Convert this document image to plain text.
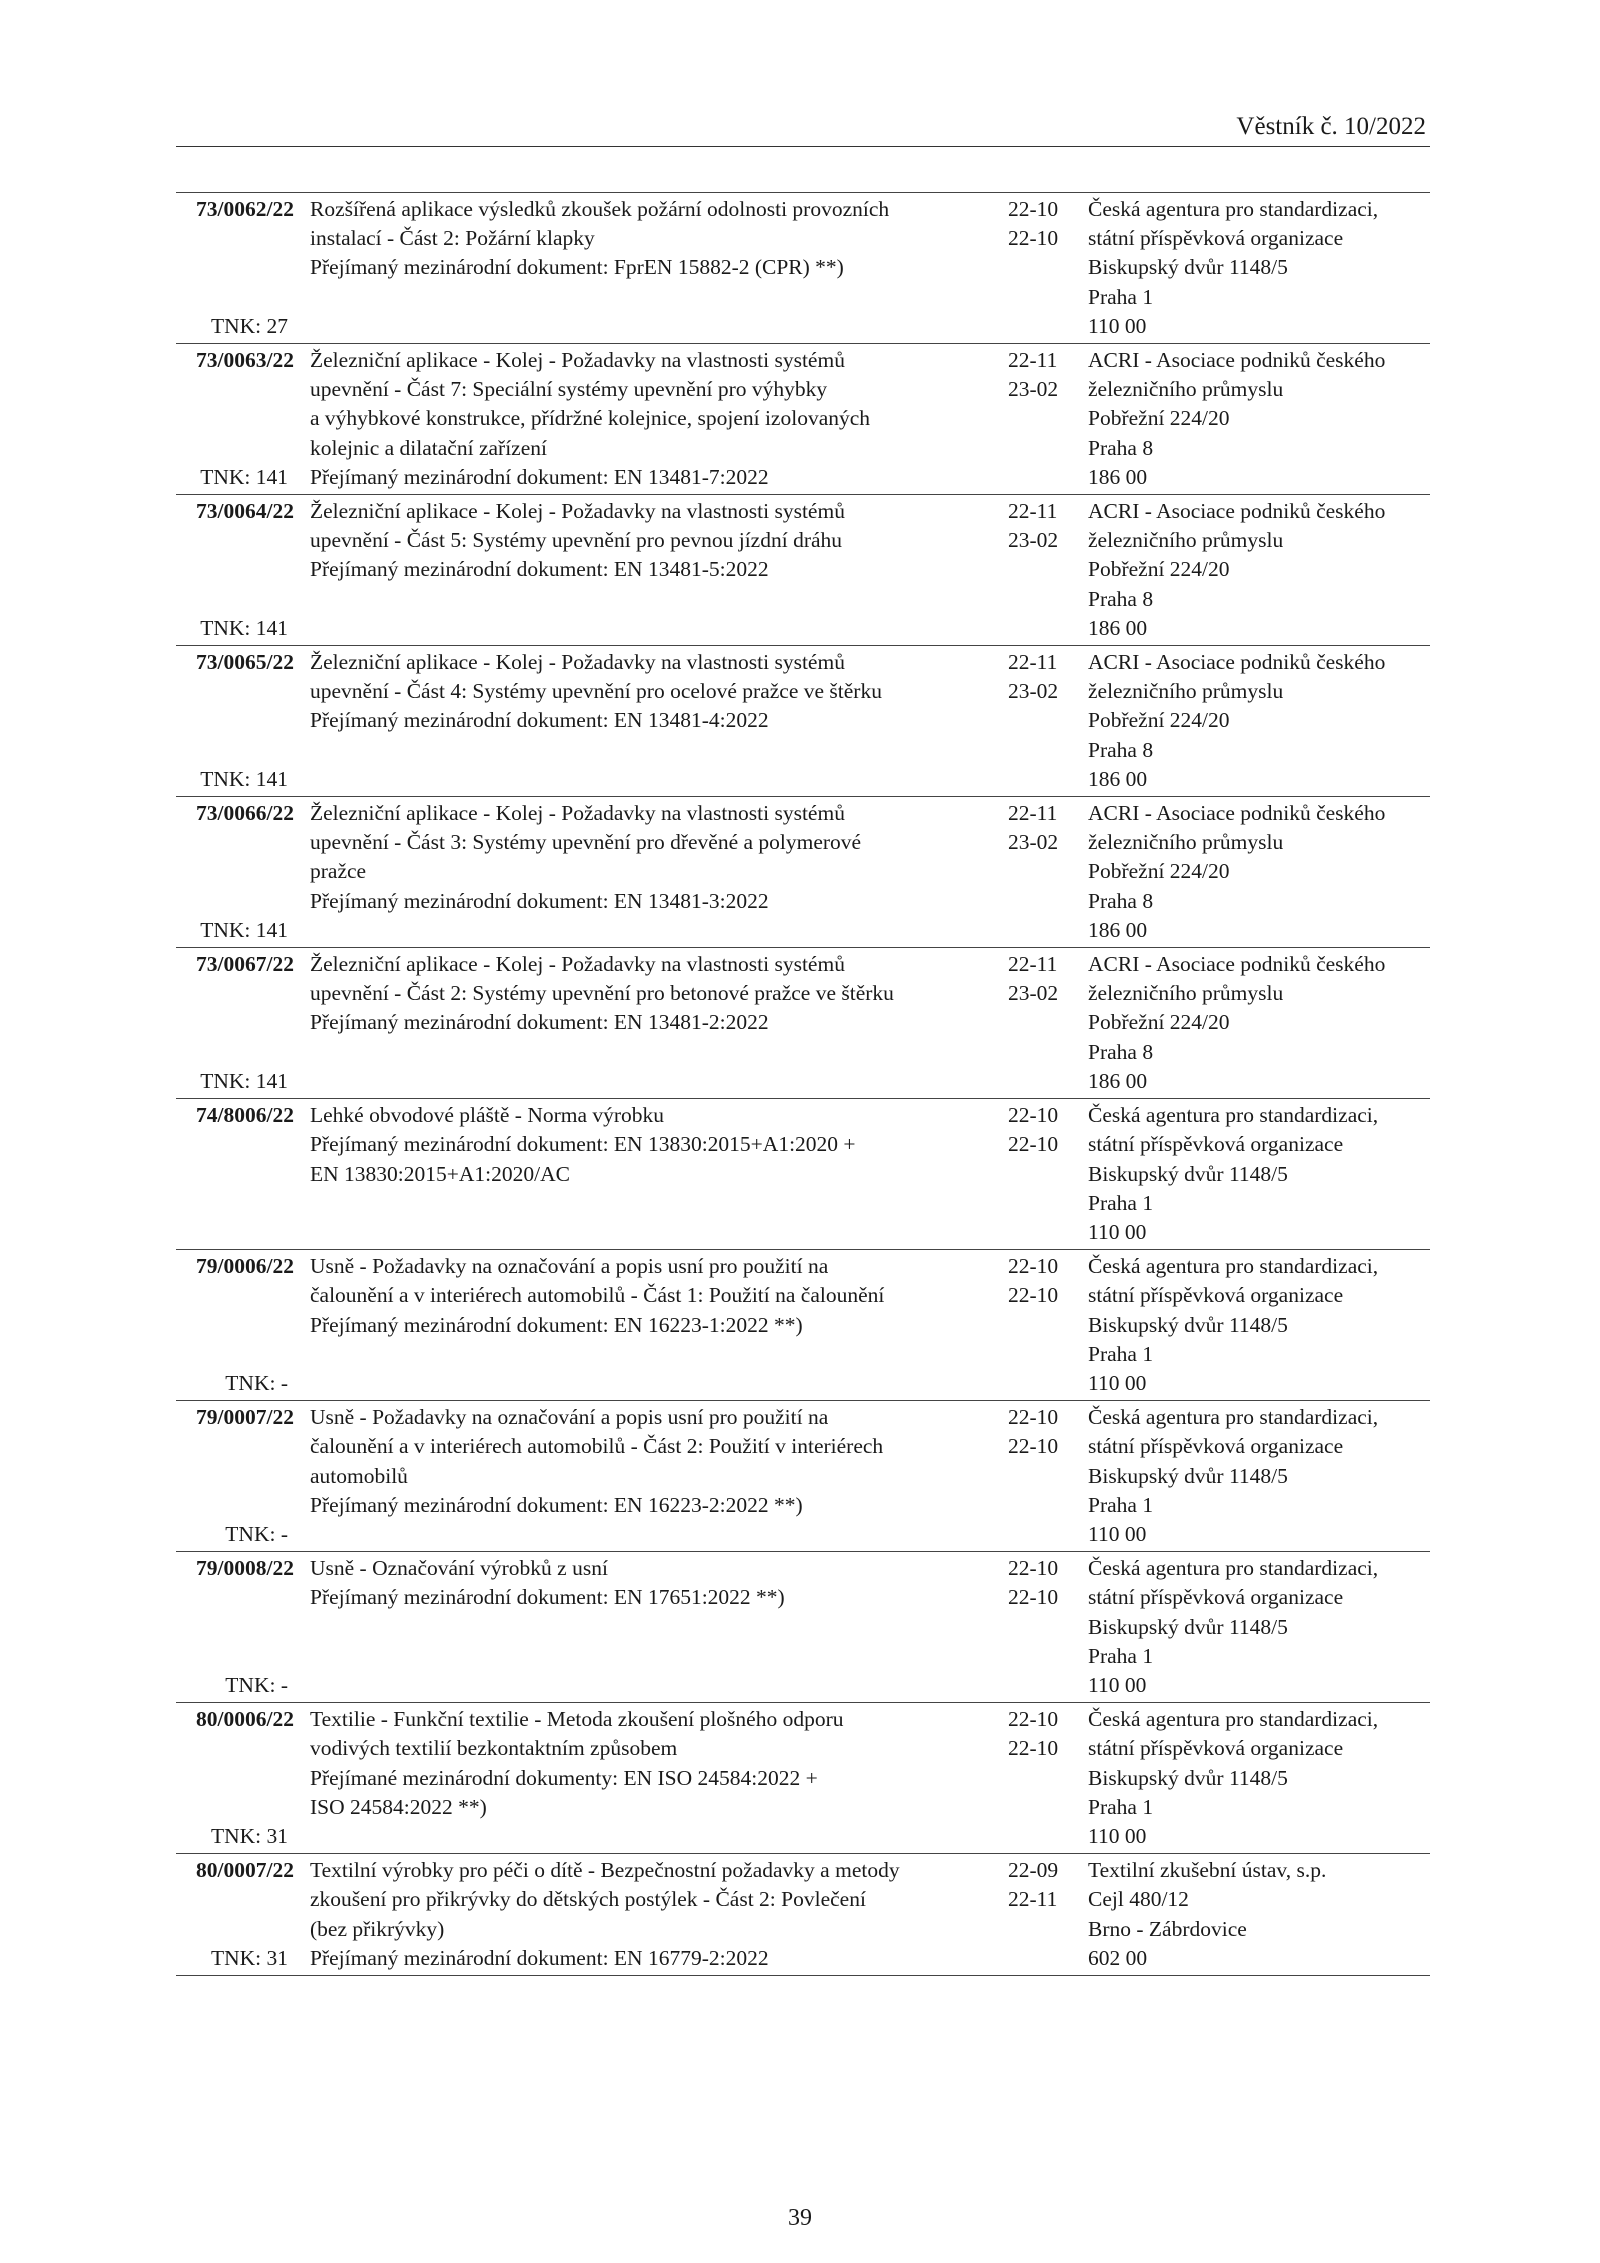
Věstník č. 10/2022
73/0062/22
TNK: 27
Rozšířená aplikace výsledků zkoušek požární odolnosti provozních
instalací - Část 2: Požární klapky
Přejímaný mezinárodní dokument: FprEN 15882-2 (CPR) **)
22-10
22-10
Česká agentura pro standardizaci,
státní příspěvková organizace
Biskupský dvůr 1148/5
Praha 1
110 00
73/0063/22
TNK: 141
Železniční aplikace - Kolej - Požadavky na vlastnosti systémů
upevnění - Část 7: Speciální systémy upevnění pro výhybky
a výhybkové konstrukce, přídržné kolejnice, spojení izolovaných
kolejnic a dilatační zařízení
Přejímaný mezinárodní dokument: EN 13481-7:2022
22-11
23-02
ACRI - Asociace podniků českého
železničního průmyslu
Pobřežní 224/20
Praha 8
186 00
73/0064/22
TNK: 141
Železniční aplikace - Kolej - Požadavky na vlastnosti systémů
upevnění - Část 5: Systémy upevnění pro pevnou jízdní dráhu
Přejímaný mezinárodní dokument: EN 13481-5:2022
22-11
23-02
ACRI - Asociace podniků českého
železničního průmyslu
Pobřežní 224/20
Praha 8
186 00
73/0065/22
TNK: 141
Železniční aplikace - Kolej - Požadavky na vlastnosti systémů
upevnění - Část 4: Systémy upevnění pro ocelové pražce ve štěrku
Přejímaný mezinárodní dokument: EN 13481-4:2022
22-11
23-02
ACRI - Asociace podniků českého
železničního průmyslu
Pobřežní 224/20
Praha 8
186 00
73/0066/22
TNK: 141
Železniční aplikace - Kolej - Požadavky na vlastnosti systémů
upevnění - Část 3: Systémy upevnění pro dřevěné a polymerové
pražce
Přejímaný mezinárodní dokument: EN 13481-3:2022
22-11
23-02
ACRI - Asociace podniků českého
železničního průmyslu
Pobřežní 224/20
Praha 8
186 00
73/0067/22
TNK: 141
Železniční aplikace - Kolej - Požadavky na vlastnosti systémů
upevnění - Část 2: Systémy upevnění pro betonové pražce ve štěrku
Přejímaný mezinárodní dokument: EN 13481-2:2022
22-11
23-02
ACRI - Asociace podniků českého
železničního průmyslu
Pobřežní 224/20
Praha 8
186 00
74/8006/22 Lehké obvodové pláště - Norma výrobku
Přejímaný mezinárodní dokument: EN 13830:2015+A1:2020 +
EN 13830:2015+A1:2020/AC
22-10
22-10
Česká agentura pro standardizaci,
státní příspěvková organizace
Biskupský dvůr 1148/5
Praha 1
110 00
79/0006/22
TNK: -
Usně - Požadavky na označování a popis usní pro použití na
čalounění a v interiérech automobilů - Část 1: Použití na čalounění
Přejímaný mezinárodní dokument: EN 16223-1:2022 **)
22-10
22-10
Česká agentura pro standardizaci,
státní příspěvková organizace
Biskupský dvůr 1148/5
Praha 1
110 00
79/0007/22
TNK: -
Usně - Požadavky na označování a popis usní pro použití na
čalounění a v interiérech automobilů - Část 2: Použití v interiérech
automobilů
Přejímaný mezinárodní dokument: EN 16223-2:2022 **)
22-10
22-10
Česká agentura pro standardizaci,
státní příspěvková organizace
Biskupský dvůr 1148/5
Praha 1
110 00
79/0008/22
TNK: -
Usně - Označování výrobků z usní
Přejímaný mezinárodní dokument: EN 17651:2022 **)
22-10
22-10
Česká agentura pro standardizaci,
státní příspěvková organizace
Biskupský dvůr 1148/5
Praha 1
110 00
80/0006/22
TNK: 31
Textilie - Funkční textilie - Metoda zkoušení plošného odporu
vodivých textilií bezkontaktním způsobem
Přejímané mezinárodní dokumenty: EN ISO 24584:2022 +
ISO 24584:2022 **)
22-10
22-10
Česká agentura pro standardizaci,
státní příspěvková organizace
Biskupský dvůr 1148/5
Praha 1
110 00
80/0007/22
TNK: 31
Textilní výrobky pro péči o dítě - Bezpečnostní požadavky a metody
zkoušení pro přikrývky do dětských postýlek - Část 2: Povlečení
(bez přikrývky)
Přejímaný mezinárodní dokument: EN 16779-2:2022
22-09
22-11
Textilní zkušební ústav, s.p.
Cejl 480/12
Brno - Zábrdovice
602 00
39
